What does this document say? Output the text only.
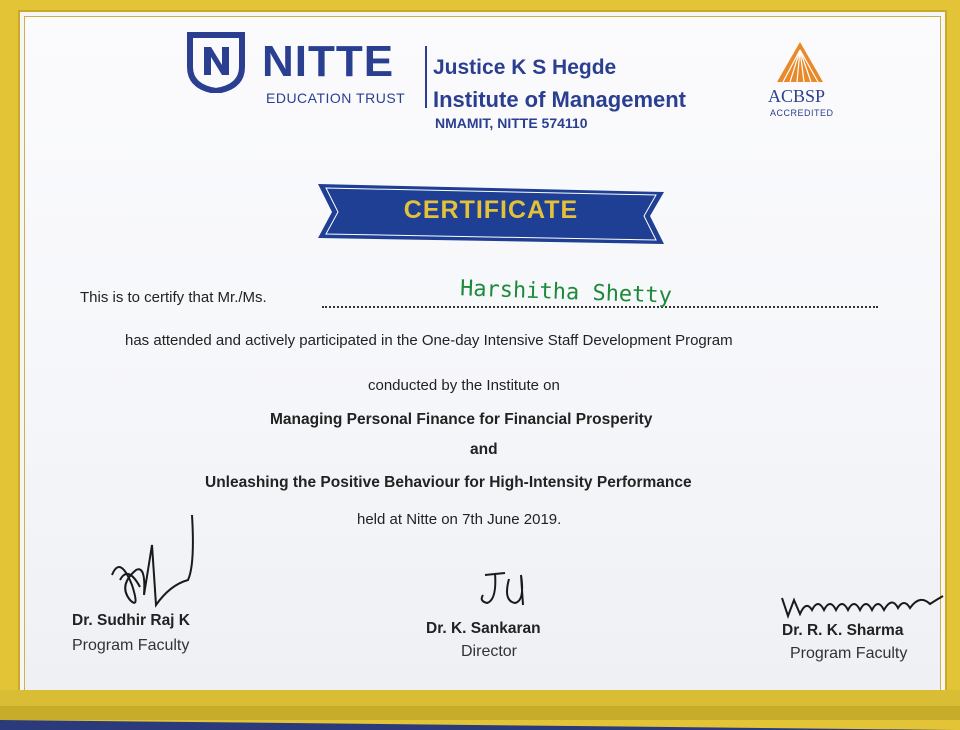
NITTE
EDUCATION TRUST
Justice K S Hegde
Institute of Management
NMAMIT, NITTE 574110
ACBSP
ACCREDITED
CERTIFICATE
This is to certify that Mr./Ms.	Harshitha Shetty
has attended and actively participated in the One-day Intensive Staff Development Program
conducted by the Institute on
Managing Personal Finance for Financial Prosperity
and
Unleashing the Positive Behaviour for High-Intensity Performance
held at Nitte on 7th June 2019.
Dr. Sudhir Raj K
Program Faculty
Dr. K. Sankaran
Director
Dr. R. K. Sharma
Program Faculty
